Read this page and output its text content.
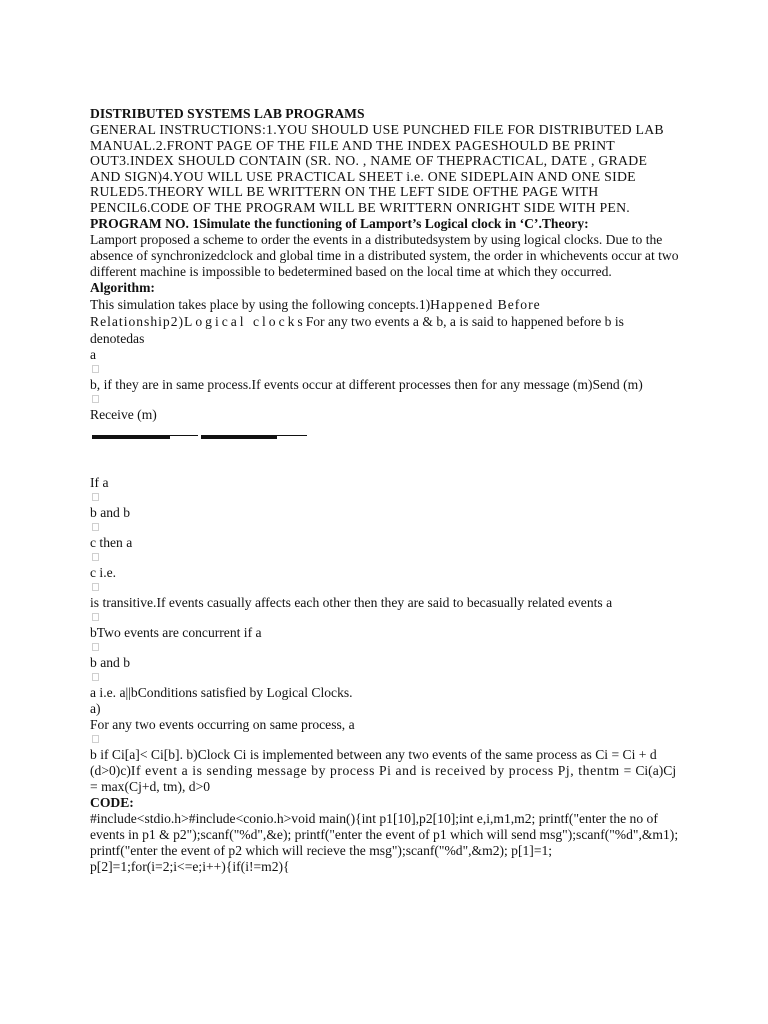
DISTRIBUTED SYSTEMS LAB PROGRAMS

GENERAL INSTRUCTIONS:1.YOU SHOULD USE PUNCHED FILE FOR DISTRIBUTED LAB MANUAL.2.FRONT PAGE OF THE FILE AND THE INDEX PAGESHOULD BE PRINT OUT3.INDEX SHOULD CONTAIN (SR. NO. , NAME OF THEPRACTICAL, DATE , GRADE AND SIGN)4.YOU WILL USE PRACTICAL SHEET i.e. ONE SIDEPLAIN AND ONE SIDE RULED5.THEORY WILL BE WRITTERN ON THE LEFT SIDE OFTHE PAGE WITH PENCIL6.CODE OF THE PROGRAM WILL BE WRITTERN ONRIGHT SIDE WITH PEN.

PROGRAM NO. 1Simulate the functioning of Lamport’s Logical clock in ‘C’.Theory:

Lamport proposed a scheme to order the events in a distributedsystem by using logical clocks. Due to the absence of synchronizedclock and global time in a distributed system, the order in whichevents occur at two different machine is impossible to bedetermined based on the local time at which they occurred.

Algorithm:

This simulation takes place by using the following concepts.1)Happened Before Relationship2)Logical clocksFor any two events a & b, a is said to happened before b is denotedas

a

b, if they are in same process.If events occur at different processes then for any message (m)Send (m)

Receive (m)

If a

b and b

c then a

c i.e.

is transitive.If events casually affects each other then they are said to becasually related events a

bTwo events are concurrent if a

b and b

a i.e. a||bConditions satisfied by Logical Clocks.

a)

For any two events occurring on same process, a

b if Ci[a]< Ci[b]. b)Clock Ci is implemented between any two events of the same process as Ci = Ci + d (d>0)c)If event a is sending message by process Pi and is received by process Pj, thentm = Ci(a)Cj = max(Cj+d, tm), d>0

CODE:

#include<stdio.h>#include<conio.h>void main(){int p1[10],p2[10];int e,i,m1,m2; printf("enter the no of events in p1 & p2");scanf("%d",&e); printf("enter the event of p1 which will send msg");scanf("%d",&m1); printf("enter the event of p2 which will recieve the msg");scanf("%d",&m2); p[1]=1; p[2]=1;for(i=2;i<=e;i++){if(i!=m2){
